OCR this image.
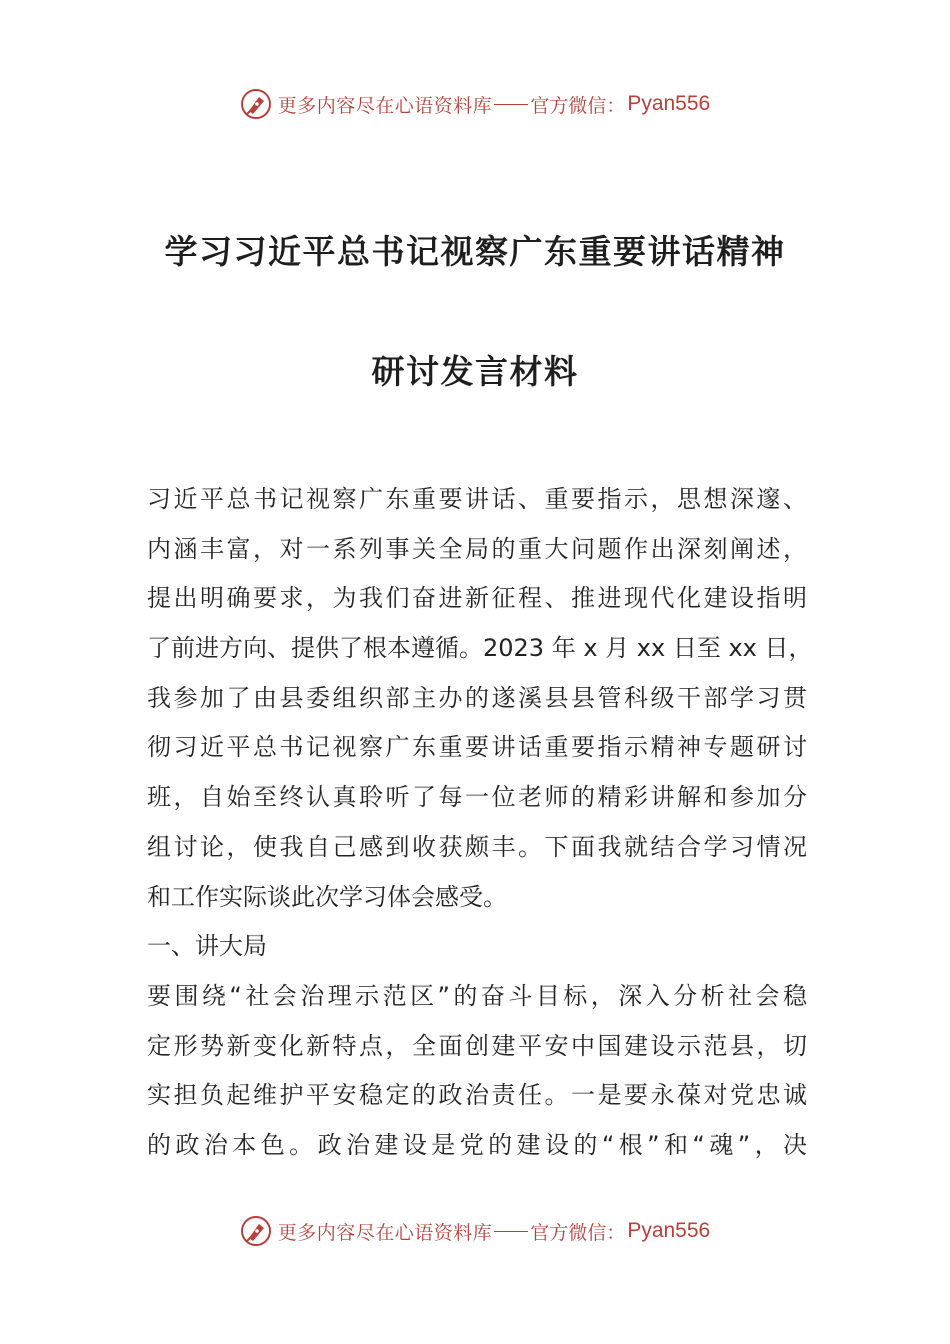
更多内容尽在心语资料库 官方微信： Pyan556
学习习近平总书记视察广东重要讲话精神
研讨发言材料
习近平总书记视察广东重要讲话、重要指示，思想深邃、
内涵丰富，对一系列事关全局的重大问题作出深刻阐述，
提出明确要求，为我们奋进新征程、推进现代化建设指明
了前进方向、提供了根本遵循。2023 年 x 月 xx 日至 xx 日，
我参加了由县委组织部主办的遂溪县县管科级干部学习贯
彻习近平总书记视察广东重要讲话重要指示精神专题研讨
班，自始至终认真聆听了每一位老师的精彩讲解和参加分
组讨论，使我自己感到收获颇丰。下面我就结合学习情况
和工作实际谈此次学习体会感受。
一、讲大局
要围绕“社会治理示范区”的奋斗目标，深入分析社会稳
定形势新变化新特点，全面创建平安中国建设示范县，切
实担负起维护平安稳定的政治责任。一是要永葆对党忠诚
的政治本色。政治建设是党的建设的“根”和“魂”，决
更多内容尽在心语资料库 官方微信： Pyan556
